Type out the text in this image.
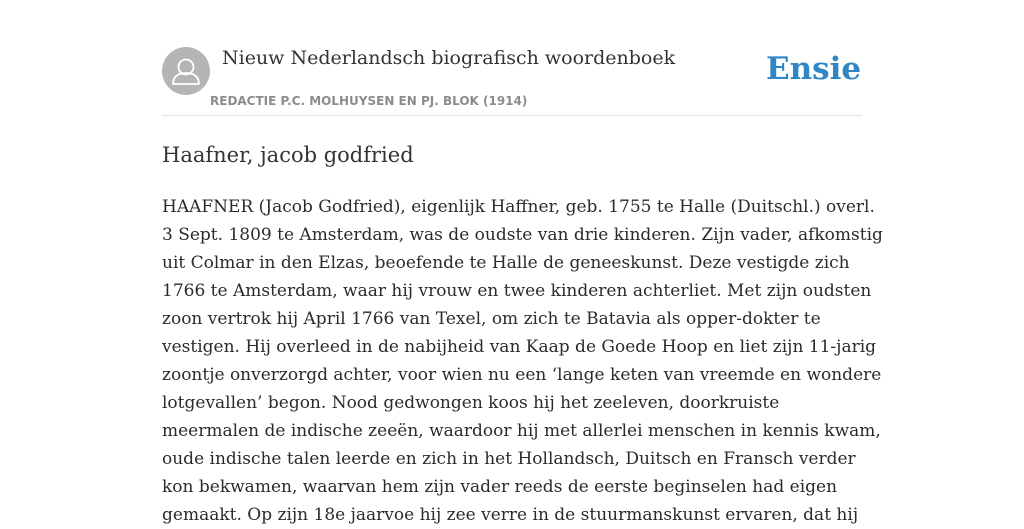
Nieuw Nederlandsch biografisch woordenboek
REDACTIE P.C. MOLHUYSEN EN PJ. BLOK (1914)
Ensie
Haafner, jacob godfried
HAAFNER (Jacob Godfried), eigenlijk Haffner, geb. 1755 te Halle (Duitschl.) overl.
3 Sept. 1809 te Amsterdam, was de oudste van drie kinderen. Zijn vader, afkomstig
uit Colmar in den Elzas, beoefende te Halle de geneeskunst. Deze vestigde zich
1766 te Amsterdam, waar hij vrouw en twee kinderen achterliet. Met zijn oudsten
zoon vertrok hij April 1766 van Texel, om zich te Batavia als opper-dokter te
vestigen. Hij overleed in de nabijheid van Kaap de Goede Hoop en liet zijn 11-jarig
zoontje onverzorgd achter, voor wien nu een ‘lange keten van vreemde en wondere
lotgevallen’ begon. Nood gedwongen koos hij het zeeleven, doorkruiste
meermalen de indische zeeën, waardoor hij met allerlei menschen in kennis kwam,
oude indische talen leerde en zich in het Hollandsch, Duitsch en Fransch verder
kon bekwamen, waarvan hem zijn vader reeds de eerste beginselen had eigen
gemaakt. Op zijn 18e jaarvoe hij zee verre in de stuurmanskunst ervaren, dat hij
